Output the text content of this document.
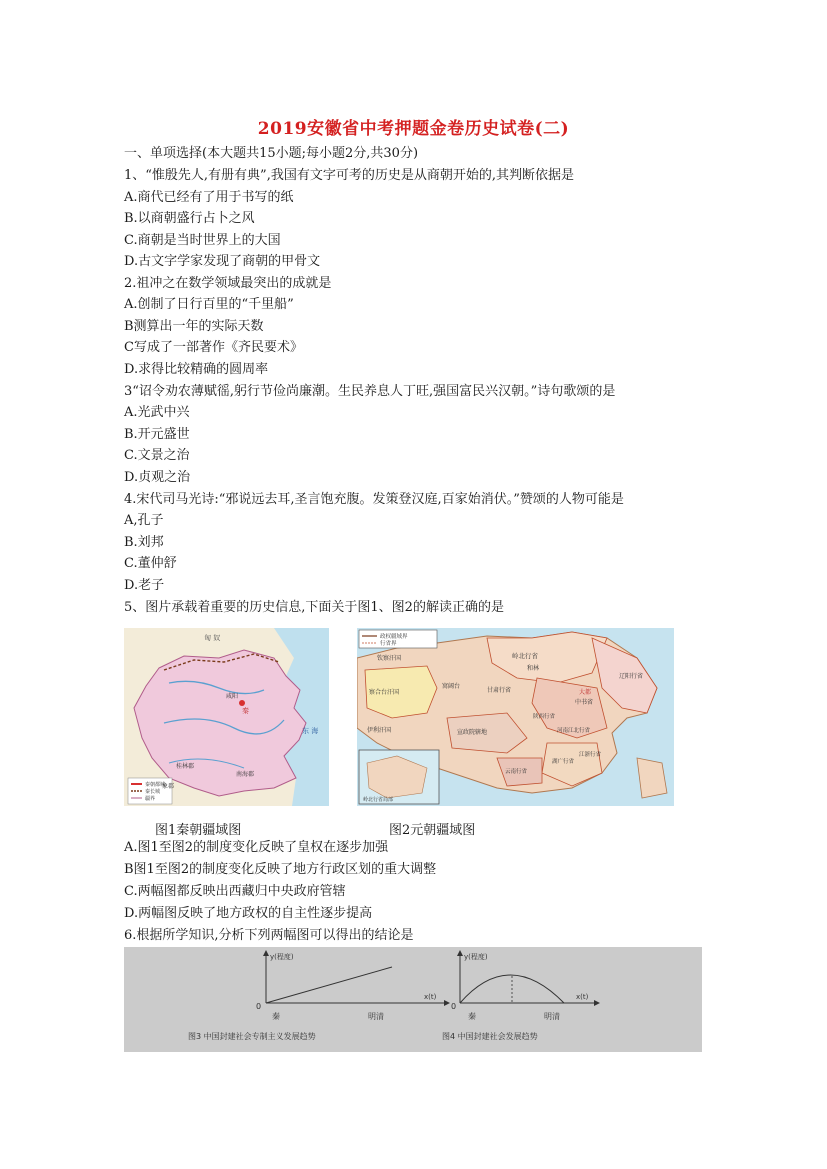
2019安徽省中考押题金卷历史试卷(二)
一、单项选择(本大题共15小题;每小题2分,共30分)
1、“惟殷先人,有册有典”,我国有文字可考的历史是从商朝开始的,其判断依据是
A.商代已经有了用于书写的纸
B.以商朝盛行占卜之风
C.商朝是当时世界上的大国
D.古文字学家发现了商朝的甲骨文
2.祖冲之在数学领域最突出的成就是
A.创制了日行百里的“千里船”
B测算出一年的实际天数
C写成了一部著作《齐民要术》
D.求得比较精确的圆周率
3“诏令劝农薄赋徭,躬行节俭尚廉潮。生民养息人丁旺,强国富民兴汉朝。”诗句歌颂的是
A.光武中兴
B.开元盛世
C.文景之治
D.贞观之治
4.宋代司马光诗:“邪说远去耳,圣言饱充腹。发策登汉庭,百家始消伏。”赞颂的人物可能是
A,孔子
B.刘邦
C.董仲舒
D.老子
5、图片承载着重要的历史信息,下面关于图1、图2的解读正确的是
秦朝都城
秦长城
疆界
匈 奴
东 海
咸阳
桂林郡
南海郡
秦
象郡
政权疆域界
行省界
岭北行省
窝阔台
察合台汗国
宣政院辖地
大都
中书省
辽阳行省
甘肃行省
陕西行省
河南江北行省
江浙行省
湖广行省
云南行省
钦察汗国
伊利汗国
和林
岭北行省局部
图1秦朝疆域图	图2元朝疆域图
A.图1至图2的制度变化反映了皇权在逐步加强
B图1至图2的制度变化反映了地方行政区划的重大调整
C.两幅图都反映出西藏归中央政府管辖
D.两幅图反映了地方政权的自主性逐步提高
6.根据所学知识,分析下列两幅图可以得出的结论是
y(程度)
x(t)
0
秦	明清
图3 中国封建社会专制主义发展趋势
y(程度)
x(t)
0
秦	明清
图4 中国封建社会发展趋势
